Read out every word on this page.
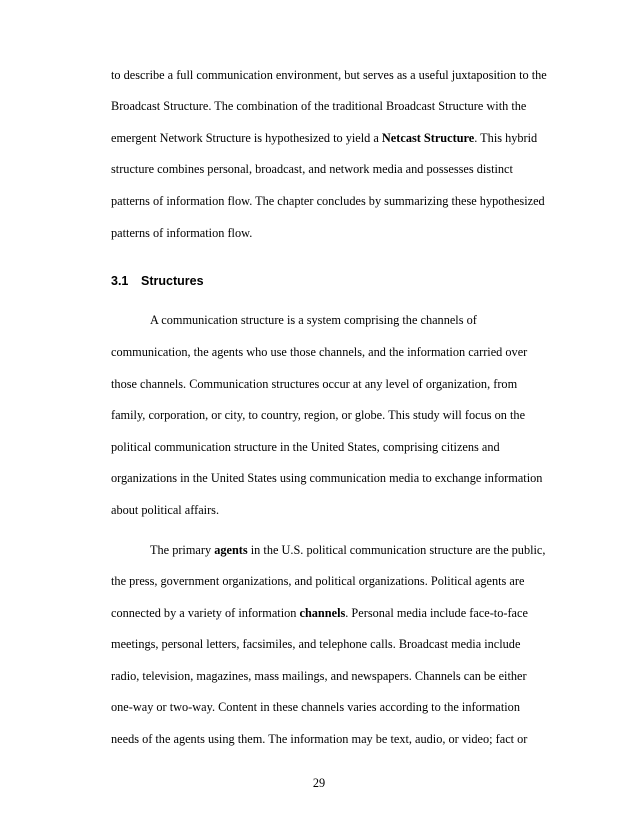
to describe a full communication environment, but serves as a useful juxtaposition to the
Broadcast Structure. The combination of the traditional Broadcast Structure with the
emergent Network Structure is hypothesized to yield a Netcast Structure. This hybrid
structure combines personal, broadcast, and network media and possesses distinct
patterns of information flow. The chapter concludes by summarizing these hypothesized
patterns of information flow.
3.1 Structures
A communication structure is a system comprising the channels of
communication, the agents who use those channels, and the information carried over
those channels. Communication structures occur at any level of organization, from
family, corporation, or city, to country, region, or globe. This study will focus on the
political communication structure in the United States, comprising citizens and
organizations in the United States using communication media to exchange information
about political affairs.
The primary agents in the U.S. political communication structure are the public,
the press, government organizations, and political organizations. Political agents are
connected by a variety of information channels. Personal media include face-to-face
meetings, personal letters, facsimiles, and telephone calls. Broadcast media include
radio, television, magazines, mass mailings, and newspapers. Channels can be either
one-way or two-way. Content in these channels varies according to the information
needs of the agents using them. The information may be text, audio, or video; fact or
29
